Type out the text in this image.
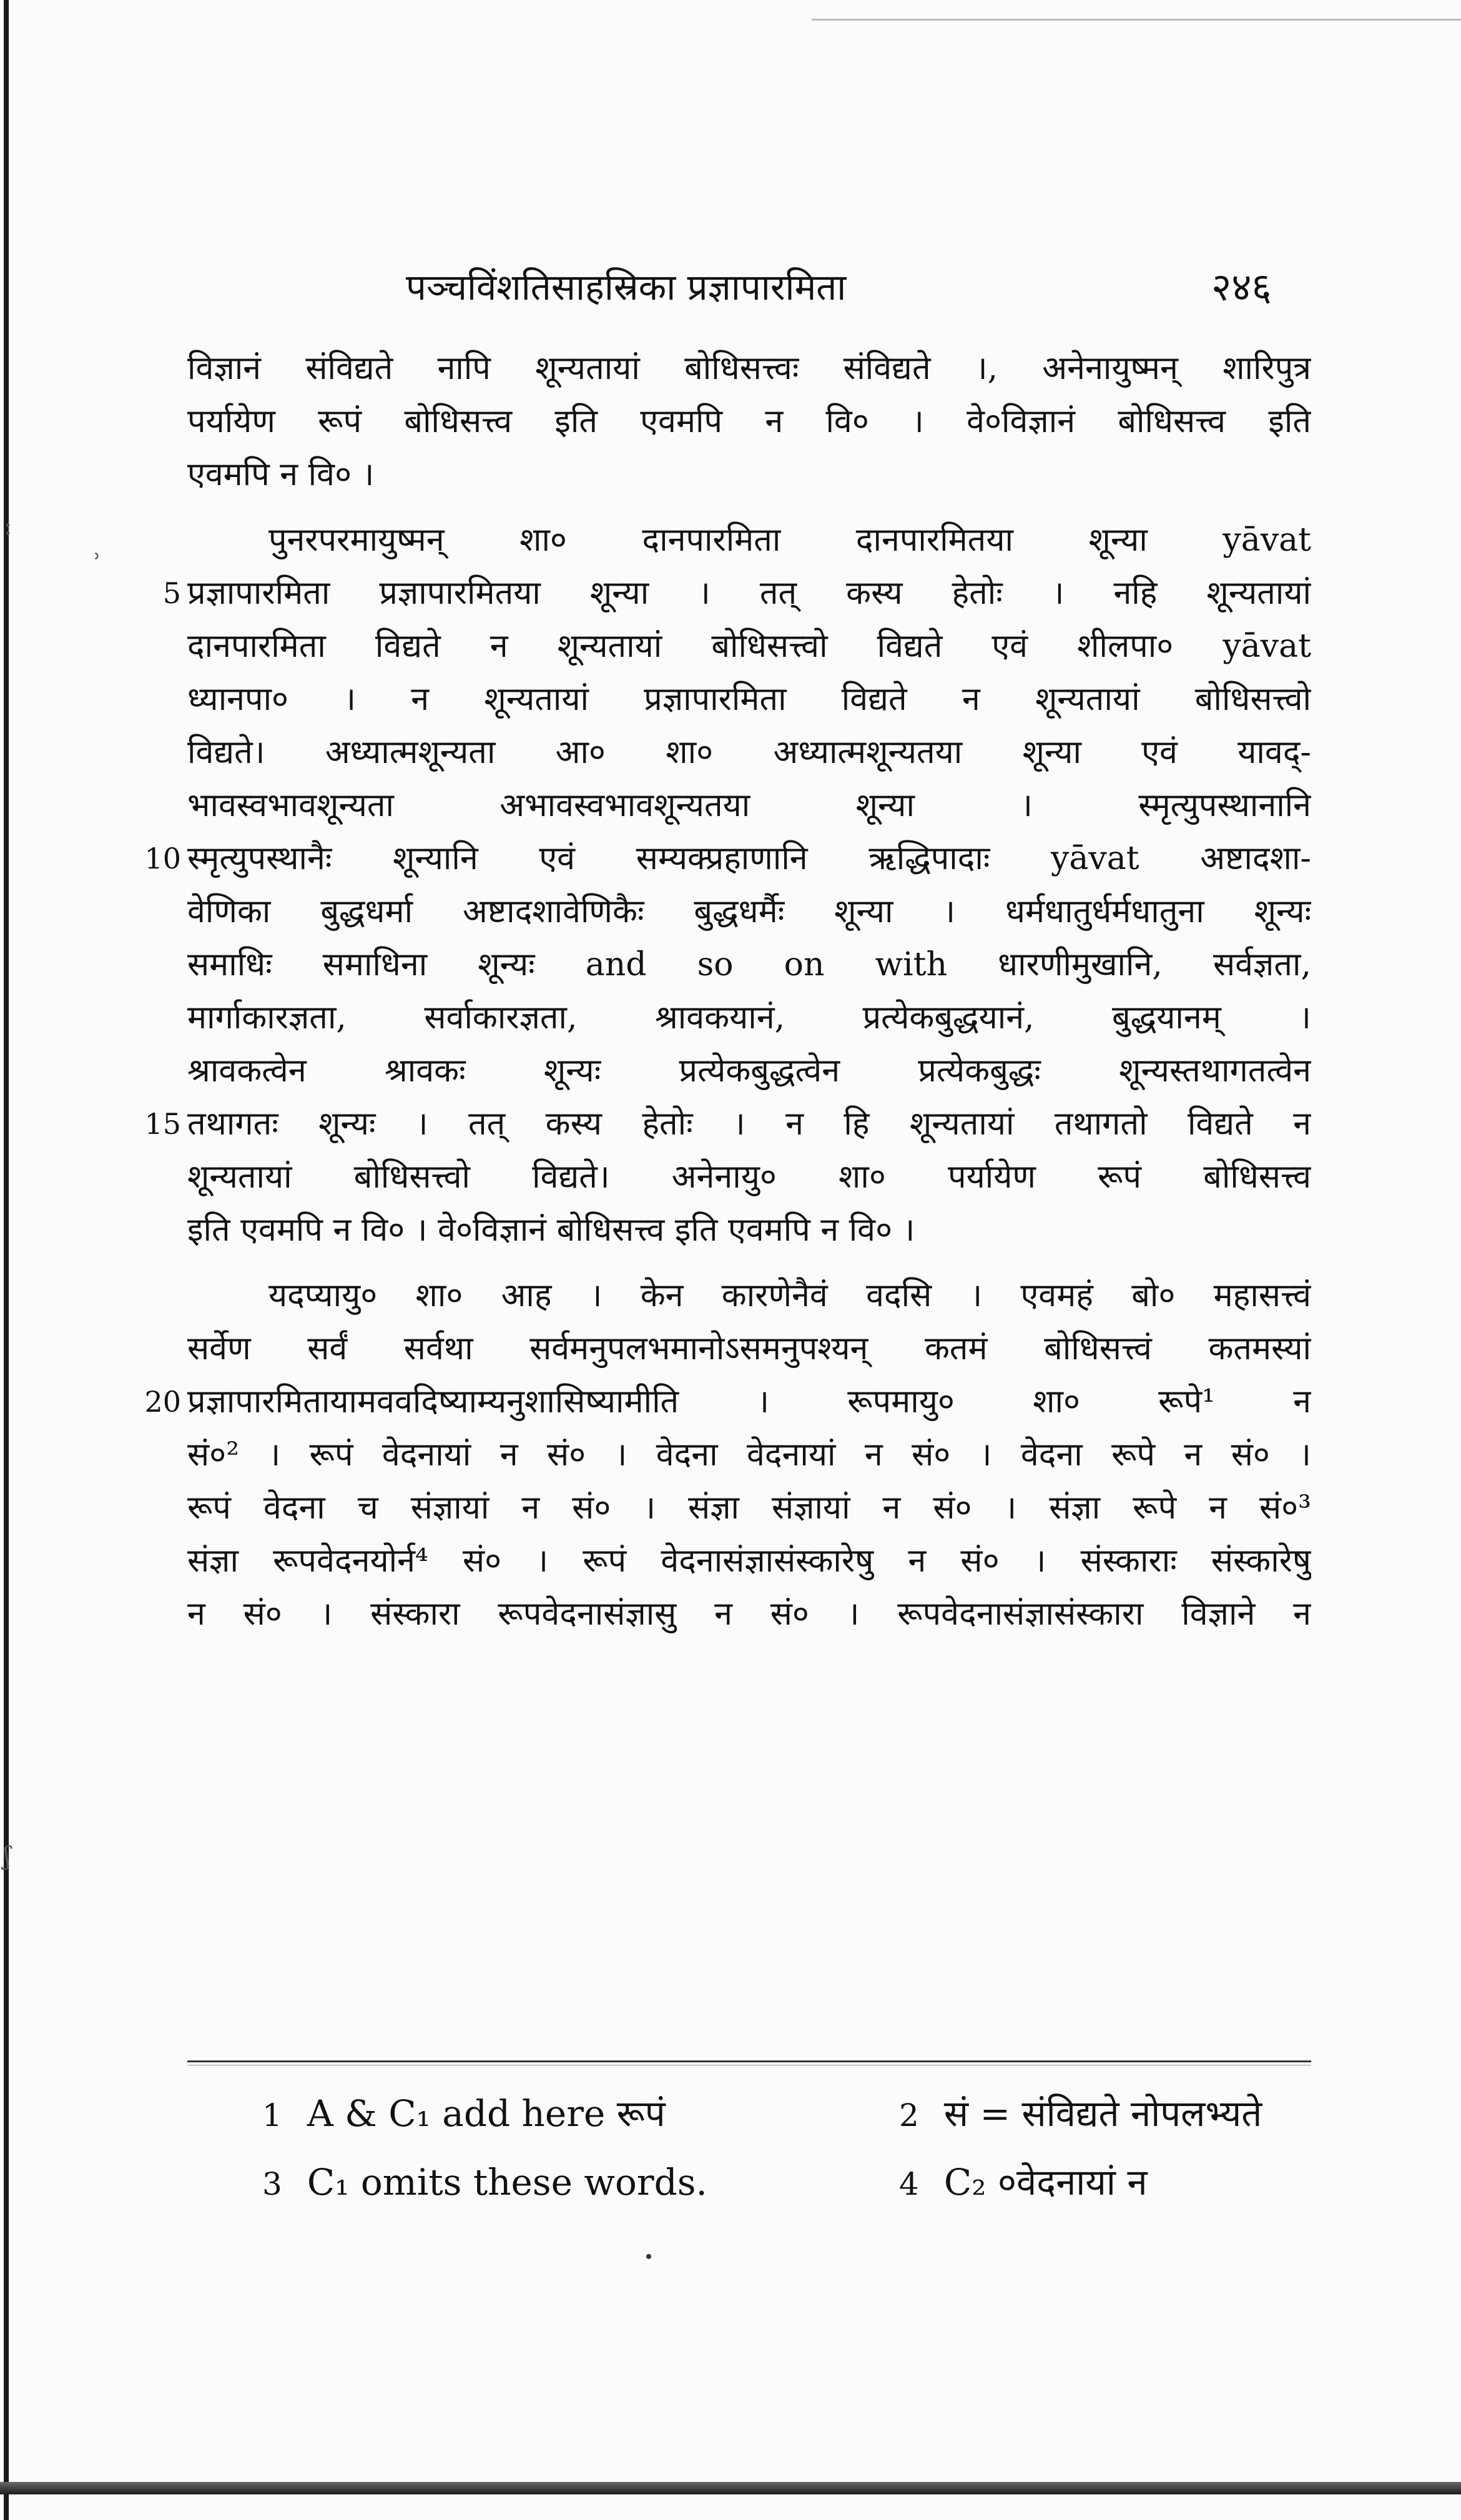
पञ्चविंशतिसाहस्रिका प्रज्ञापारमिता	२४६
विज्ञानं संविद्यते नापि शून्यतायां बोधिसत्त्वः संविद्यते ।, अनेनायुष्मन् शारिपुत्र
पर्यायेण रूपं बोधिसत्त्व इति एवमपि न वि० । वे०विज्ञानं बोधिसत्त्व इति
एवमपि न वि० ।
पुनरपरमायुष्मन् शा० दानपारमिता दानपारमितया शून्या yāvat
प्रज्ञापारमिता प्रज्ञापारमितया शून्या । तत् कस्य हेतोः । नहि शून्यतायां
दानपारमिता विद्यते न शून्यतायां बोधिसत्त्वो विद्यते एवं शीलपा० yāvat
ध्यानपा० । न शून्यतायां प्रज्ञापारमिता विद्यते न शून्यतायां बोधिसत्त्वो
विद्यते। अध्यात्मशून्यता आ० शा० अध्यात्मशून्यतया शून्या एवं यावद्-
भावस्वभावशून्यता अभावस्वभावशून्यतया शून्या । स्मृत्युपस्थानानि
स्मृत्युपस्थानैः शून्यानि एवं सम्यक्प्रहाणानि ऋद्धिपादाः yāvat अष्टादशा-
वेणिका बुद्धधर्मा अष्टादशावेणिकैः बुद्धधर्मैः शून्या । धर्मधातुर्धर्मधातुना शून्यः
समाधिः समाधिना शून्यः and so on with धारणीमुखानि, सर्वज्ञता,
मार्गाकारज्ञता, सर्वाकारज्ञता, श्रावकयानं, प्रत्येकबुद्धयानं, बुद्धयानम् ।
श्रावकत्वेन श्रावकः शून्यः प्रत्येकबुद्धत्वेन प्रत्येकबुद्धः शून्यस्तथागतत्वेन
तथागतः शून्यः । तत् कस्य हेतोः । न हि शून्यतायां तथागतो विद्यते न
शून्यतायां बोधिसत्त्वो विद्यते। अनेनायु० शा० पर्यायेण रूपं बोधिसत्त्व
इति एवमपि न वि० । वे०विज्ञानं बोधिसत्त्व इति एवमपि न वि० ।
यदप्यायु० शा० आह । केन कारणेनैवं वदसि । एवमहं बो० महासत्त्वं
सर्वेण सर्वं सर्वथा सर्वमनुपलभमानोऽसमनुपश्यन् कतमं बोधिसत्त्वं कतमस्यां
प्रज्ञापारमितायामववदिष्याम्यनुशासिष्यामीति । रूपमायु० शा० रूपे¹ न
सं०² । रूपं वेदनायां न सं० । वेदना वेदनायां न सं० । वेदना रूपे न सं० ।
रूपं वेदना च संज्ञायां न सं० । संज्ञा संज्ञायां न सं० । संज्ञा रूपे न सं०³
संज्ञा रूपवेदनयोर्न⁴ सं० । रूपं वेदनासंज्ञासंस्कारेषु न सं० । संस्काराः संस्कारेषु
न सं० । संस्कारा रूपवेदनासंज्ञासु न सं० । रूपवेदनासंज्ञासंस्कारा विज्ञाने न
5
10
15
20
:
ʾ
ʃ
1 A & C₁ add here रूपं	2 सं = संविद्यते नोपलभ्यते
3 C₁ omits these words.	4 C₂ ०वेदनायां न
